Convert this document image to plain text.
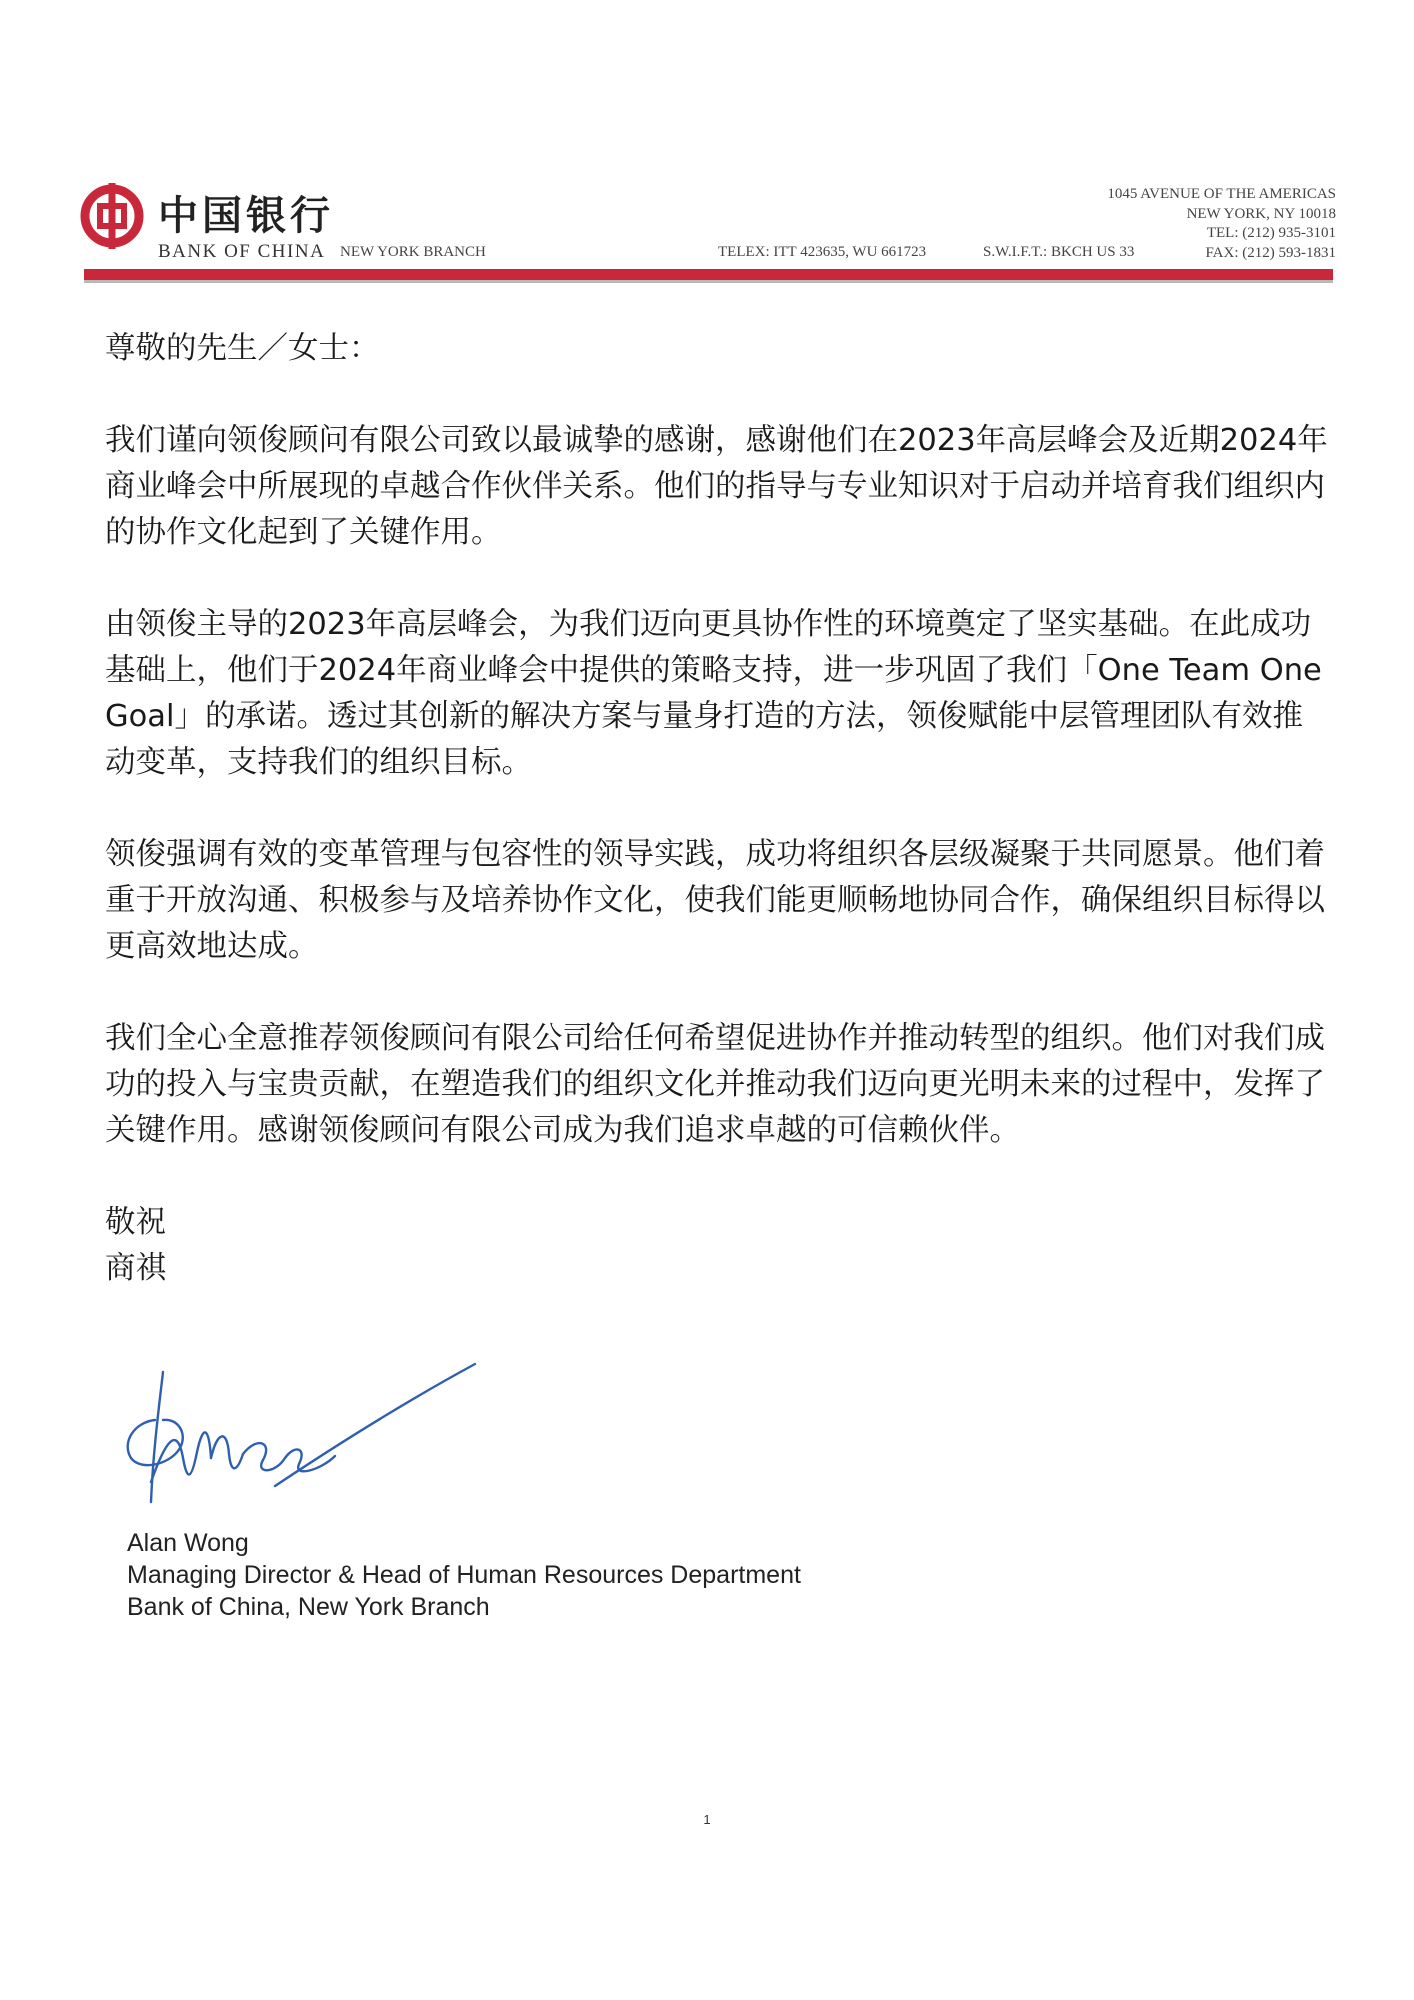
中国银行
BANK OF CHINA NEW YORK BRANCH	TELEX: ITT 423635, WU 661723	S.W.I.F.T.: BKCH US 33
1045 AVENUE OF THE AMERICAS
NEW YORK, NY 10018
TEL: (212) 935-3101
FAX: (212) 593-1831

尊敬的先生／女士：

我们谨向领俊顾问有限公司致以最诚挚的感谢，感谢他们在2023年高层峰会及近期2024年商业峰会中所展现的卓越合作伙伴关系。他们的指导与专业知识对于启动并培育我们组织内的协作文化起到了关键作用。

由领俊主导的2023年高层峰会，为我们迈向更具协作性的环境奠定了坚实基础。在此成功基础上，他们于2024年商业峰会中提供的策略支持，进一步巩固了我们「One Team One Goal」的承诺。透过其创新的解决方案与量身打造的方法，领俊赋能中层管理团队有效推动变革，支持我们的组织目标。

领俊强调有效的变革管理与包容性的领导实践，成功将组织各层级凝聚于共同愿景。他们着重于开放沟通、积极参与及培养协作文化，使我们能更顺畅地协同合作，确保组织目标得以更高效地达成。

我们全心全意推荐领俊顾问有限公司给任何希望促进协作并推动转型的组织。他们对我们成功的投入与宝贵贡献，在塑造我们的组织文化并推动我们迈向更光明未来的过程中，发挥了关键作用。感谢领俊顾问有限公司成为我们追求卓越的可信赖伙伴。

敬祝

商祺

Alan Wong
Managing Director & Head of Human Resources Department
Bank of China, New York Branch
1
